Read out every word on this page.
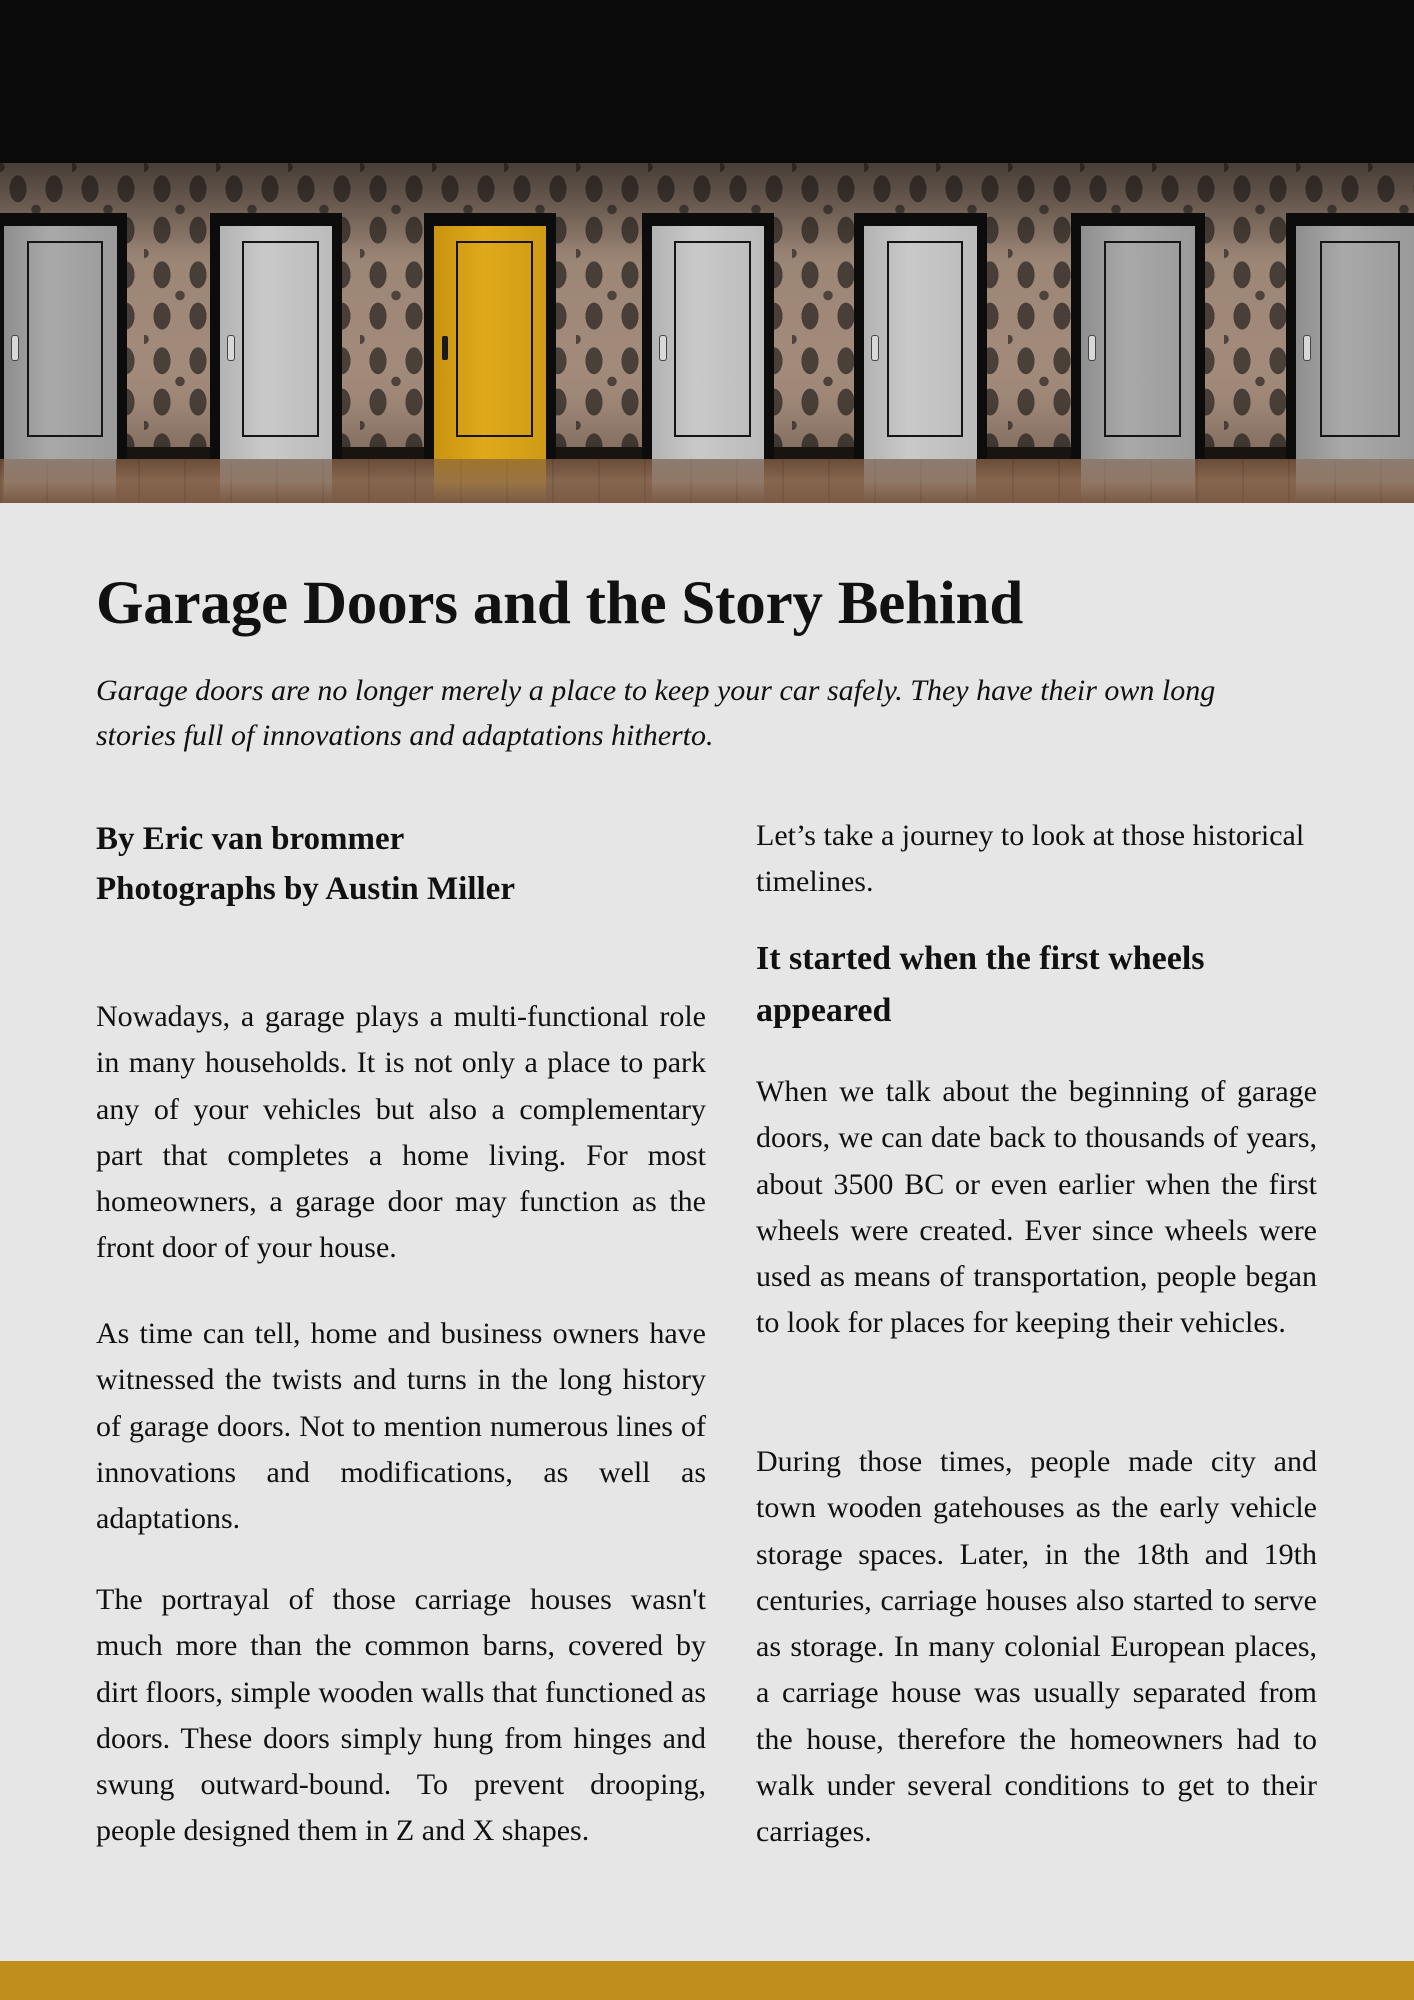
Garage Doors and the Story Behind

Garage doors are no longer merely a place to keep your car safely. They have their own long stories full of innovations and adaptations hitherto.

By Eric van brommer
Photographs by Austin Miller

Nowadays, a garage plays a multi-functional role in many households. It is not only a place to park any of your vehicles but also a complementary part that completes a home living. For most homeowners, a garage door may function as the front door of your house.

As time can tell, home and business owners have witnessed the twists and turns in the long history of garage doors. Not to mention numerous lines of innovations and modifications, as well as adaptations.

The portrayal of those carriage houses wasn't much more than the common barns, covered by dirt floors, simple wooden walls that functioned as doors. These doors simply hung from hinges and swung outward-bound. To prevent drooping, people designed them in Z and X shapes.

Let’s take a journey to look at those historical timelines.

It started when the first wheels appeared

When we talk about the beginning of garage doors, we can date back to thousands of years, about 3500 BC or even earlier when the first wheels were created. Ever since wheels were used as means of transportation, people began to look for places for keeping their vehicles.

During those times, people made city and town wooden gatehouses as the early vehicle storage spaces. Later, in the 18th and 19th centuries, carriage houses also started to serve as storage. In many colonial European places, a carriage house was usually separated from the house, therefore the homeowners had to walk under several conditions to get to their carriages.
